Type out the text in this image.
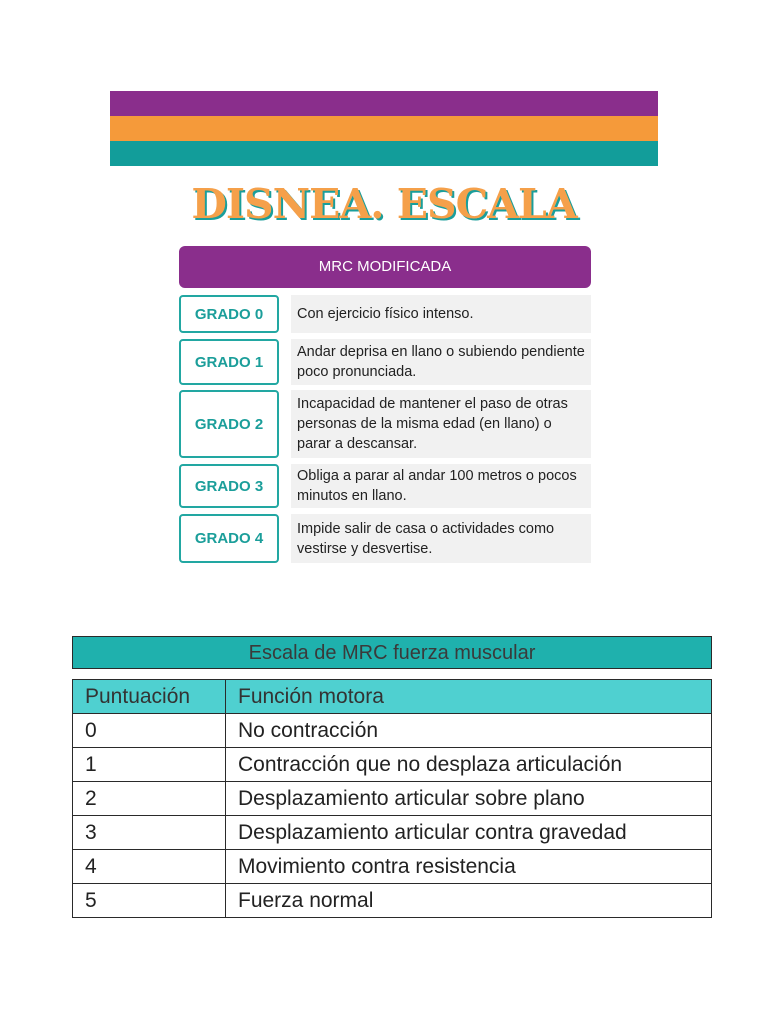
DISNEA. ESCALA
MRC MODIFICADA
GRADO 0	Con ejercicio físico intenso.
GRADO 1
Andar deprisa en llano o subiendo pendiente poco pronunciada.
GRADO 2
Incapacidad de mantener el paso de otras personas de la misma edad (en llano) o parar a descansar.
GRADO 3
Obliga a parar al andar 100 metros o pocos minutos en llano.
GRADO 4
Impide salir de casa o actividades como vestirse y desvertise.
Escala de MRC fuerza muscular
Puntuación	Función motora
0	No contracción
1	Contracción que no desplaza articulación
2	Desplazamiento articular sobre plano
3	Desplazamiento articular contra gravedad
4	Movimiento contra resistencia
5	Fuerza normal
